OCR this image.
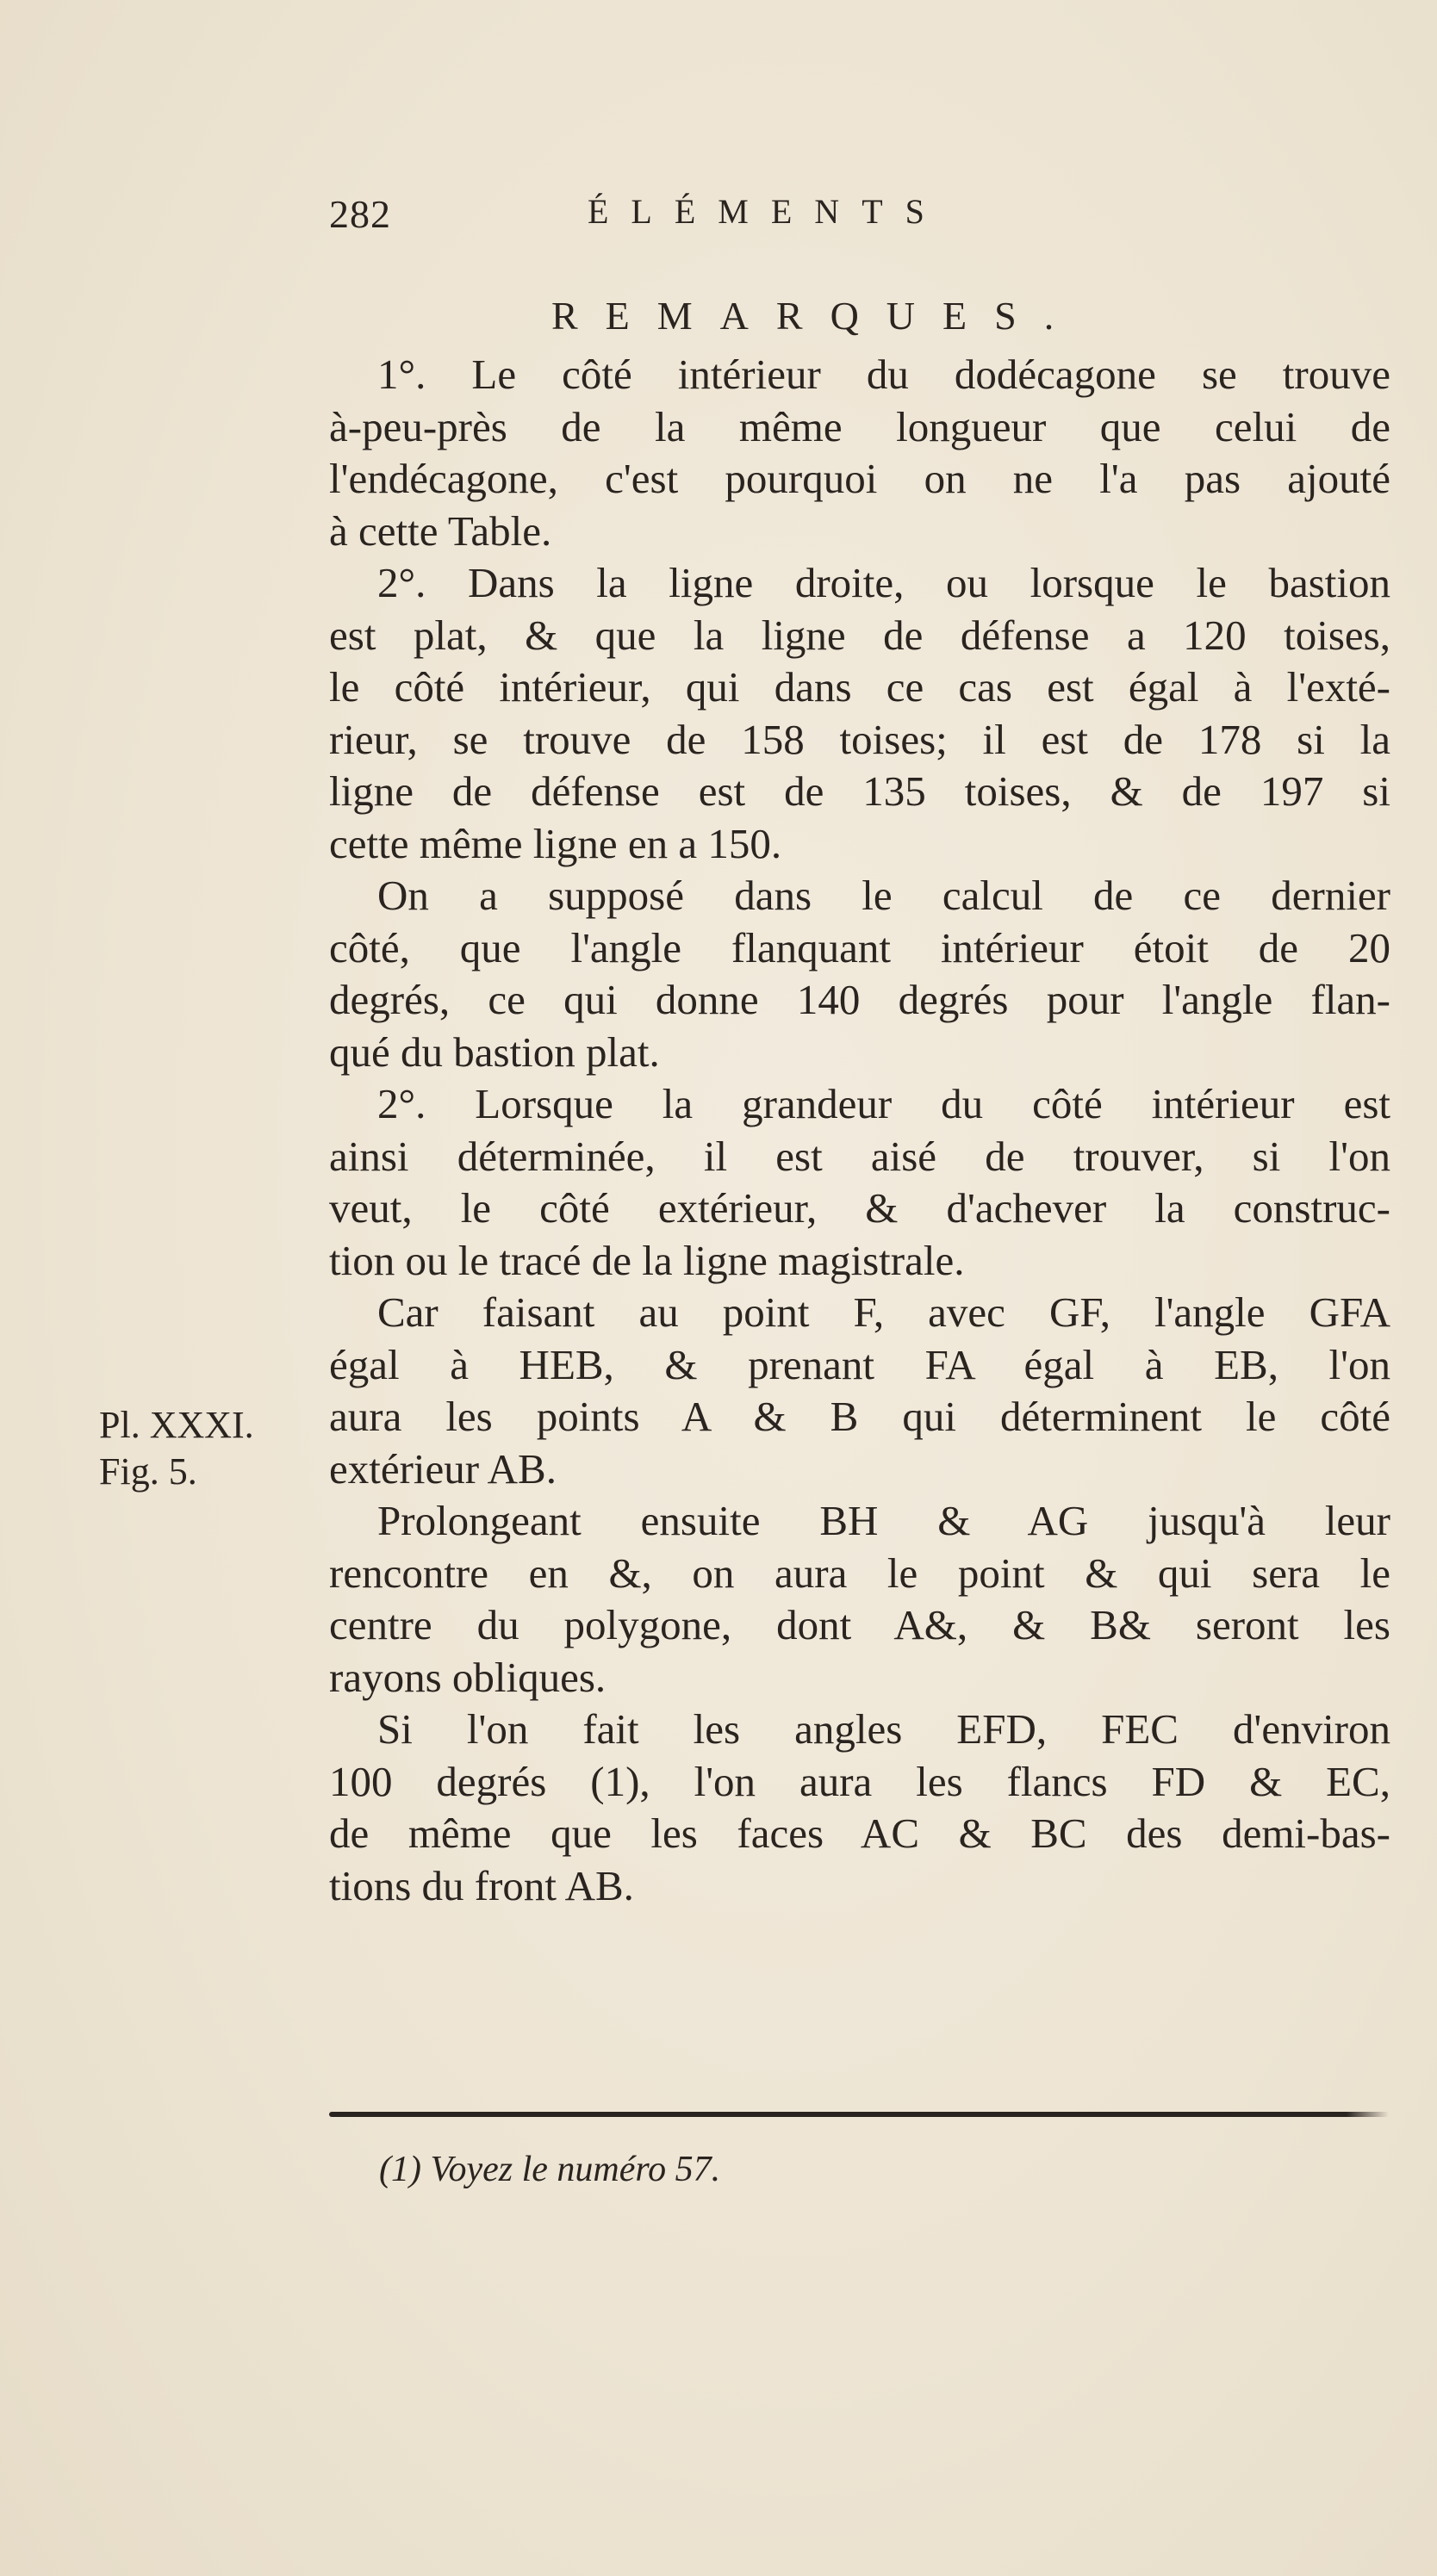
282	ÉLÉMENTS
REMARQUES.
Pl. XXXI.
Fig. 5.

1°. Le côté intérieur du dodécagone se trouve
à-peu-près de la même longueur que celui de
l'endécagone, c'est pourquoi on ne l'a pas ajouté
à cette Table.

2°. Dans la ligne droite, ou lorsque le bastion
est plat, & que la ligne de défense a 120 toises,
le côté intérieur, qui dans ce cas est égal à l'exté-
rieur, se trouve de 158 toises; il est de 178 si la
ligne de défense est de 135 toises, & de 197 si
cette même ligne en a 150.

On a supposé dans le calcul de ce dernier
côté, que l'angle flanquant intérieur étoit de 20
degrés, ce qui donne 140 degrés pour l'angle flan-
qué du bastion plat.

2°. Lorsque la grandeur du côté intérieur est
ainsi déterminée, il est aisé de trouver, si l'on
veut, le côté extérieur, & d'achever la construc-
tion ou le tracé de la ligne magistrale.

Car faisant au point F, avec GF, l'angle GFA
égal à HEB, & prenant FA égal à EB, l'on
aura les points A & B qui déterminent le côté
extérieur AB.

Prolongeant ensuite BH & AG jusqu'à leur
rencontre en &, on aura le point & qui sera le
centre du polygone, dont A&, & B& seront les
rayons obliques.

Si l'on fait les angles EFD, FEC d'environ
100 degrés (1), l'on aura les flancs FD & EC,
de même que les faces AC & BC des demi-bas-
tions du front AB.

(1) Voyez le numéro 57.
